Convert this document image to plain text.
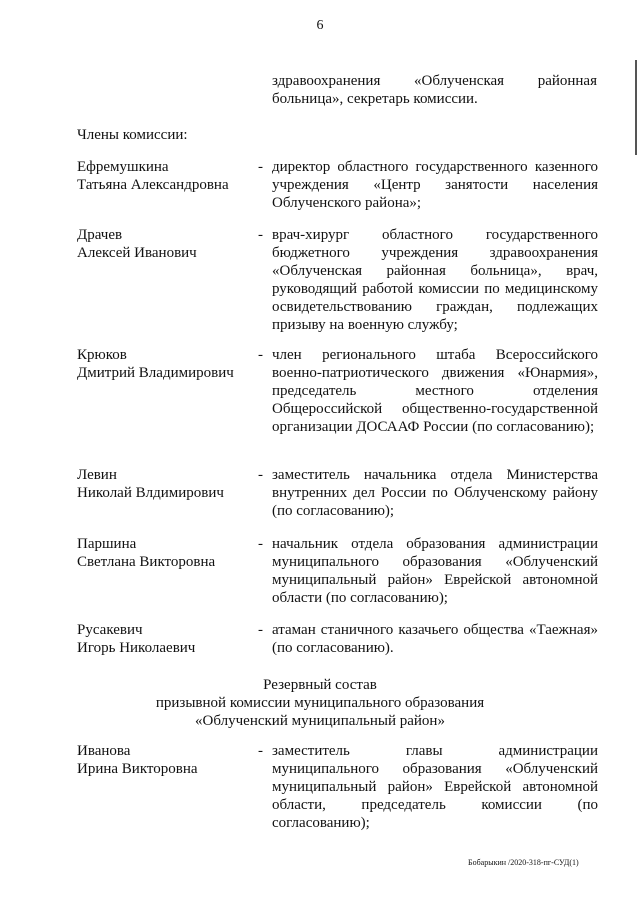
6
здравоохранения «Облученская районная больница», секретарь комиссии.
Члены комиссии:
Ефремушкина
Татьяна Александровна
- директор областного государственного казенного учреждения «Центр занятости населения Облученского района»;
Драчев
Алексей Иванович
- врач-хирург областного государственного бюджетного учреждения здравоохранения «Облученская районная больница», врач, руководящий работой комиссии по медицинскому освидетельствованию граждан, подлежащих призыву на военную службу;
Крюков
Дмитрий Владимирович
- член регионального штаба Всероссийского военно-патриотического движения «Юнармия», председатель местного отделения Общероссийской общественно-государственной организации ДОСААФ России (по согласованию);
Левин
Николай Влдимирович
- заместитель начальника отдела Министерства внутренних дел России по Облученскому району (по согласованию);
Паршина
Светлана Викторовна
- начальник отдела образования администрации муниципального образования «Облученский муниципальный район» Еврейской автономной области (по согласованию);
Русакевич
Игорь Николаевич
- атаман станичного казачьего общества «Таежная» (по согласованию).
Резервный состав
призывной комиссии муниципального образования
«Облученский муниципальный район»
Иванова
Ирина Викторовна
- заместитель главы администрации муниципального образования «Облученский муниципальный район» Еврейской автономной области, председатель комиссии (по согласованию);
Бобарыкин /2020-318-пг-СУД(1)
